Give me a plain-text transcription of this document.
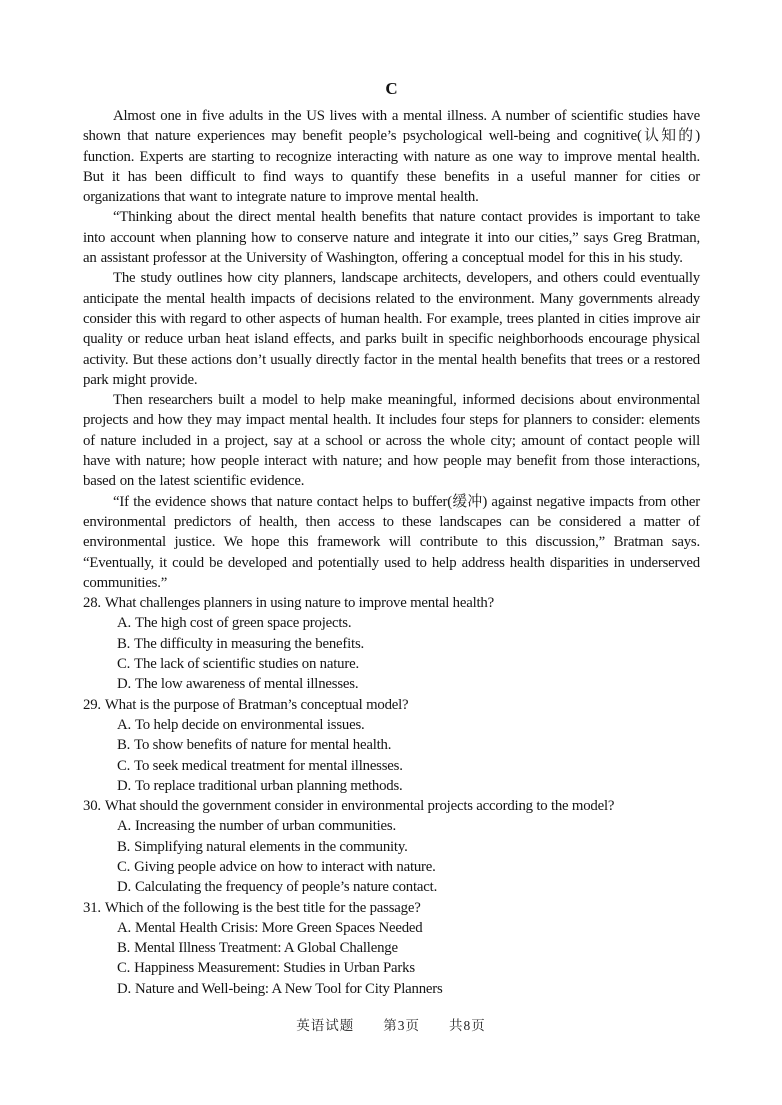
C

Almost one in five adults in the US lives with a mental illness. A number of scientific studies have shown that nature experiences may benefit people’s psychological well-being and cognitive(认知的) function. Experts are starting to recognize interacting with nature as one way to improve mental health. But it has been difficult to find ways to quantify these benefits in a useful manner for cities or organizations that want to integrate nature to improve mental health.

“Thinking about the direct mental health benefits that nature contact provides is important to take into account when planning how to conserve nature and integrate it into our cities,” says Greg Bratman, an assistant professor at the University of Washington, offering a conceptual model for this in his study.

The study outlines how city planners, landscape architects, developers, and others could eventually anticipate the mental health impacts of decisions related to the environment. Many governments already consider this with regard to other aspects of human health. For example, trees planted in cities improve air quality or reduce urban heat island effects, and parks built in specific neighborhoods encourage physical activity. But these actions don’t usually directly factor in the mental health benefits that trees or a restored park might provide.

Then researchers built a model to help make meaningful, informed decisions about environmental projects and how they may impact mental health. It includes four steps for planners to consider: elements of nature included in a project, say at a school or across the whole city; amount of contact people will have with nature; how people interact with nature; and how people may benefit from those interactions, based on the latest scientific evidence.

“If the evidence shows that nature contact helps to buffer(缓冲) against negative impacts from other environmental predictors of health, then access to these landscapes can be considered a matter of environmental justice. We hope this framework will contribute to this discussion,” Bratman says. “Eventually, it could be developed and potentially used to help address health disparities in underserved communities.”

28. What challenges planners in using nature to improve mental health?
A. The high cost of green space projects.
B. The difficulty in measuring the benefits.
C. The lack of scientific studies on nature.
D. The low awareness of mental illnesses.
29. What is the purpose of Bratman’s conceptual model?
A. To help decide on environmental issues.
B. To show benefits of nature for mental health.
C. To seek medical treatment for mental illnesses.
D. To replace traditional urban planning methods.
30. What should the government consider in environmental projects according to the model?
A. Increasing the number of urban communities.
B. Simplifying natural elements in the community.
C. Giving people advice on how to interact with nature.
D. Calculating the frequency of people’s nature contact.
31. Which of the following is the best title for the passage?
A. Mental Health Crisis: More Green Spaces Needed
B. Mental Illness Treatment: A Global Challenge
C. Happiness Measurement: Studies in Urban Parks
D. Nature and Well-being: A New Tool for City Planners
英语试题　　第3页　　共8页
